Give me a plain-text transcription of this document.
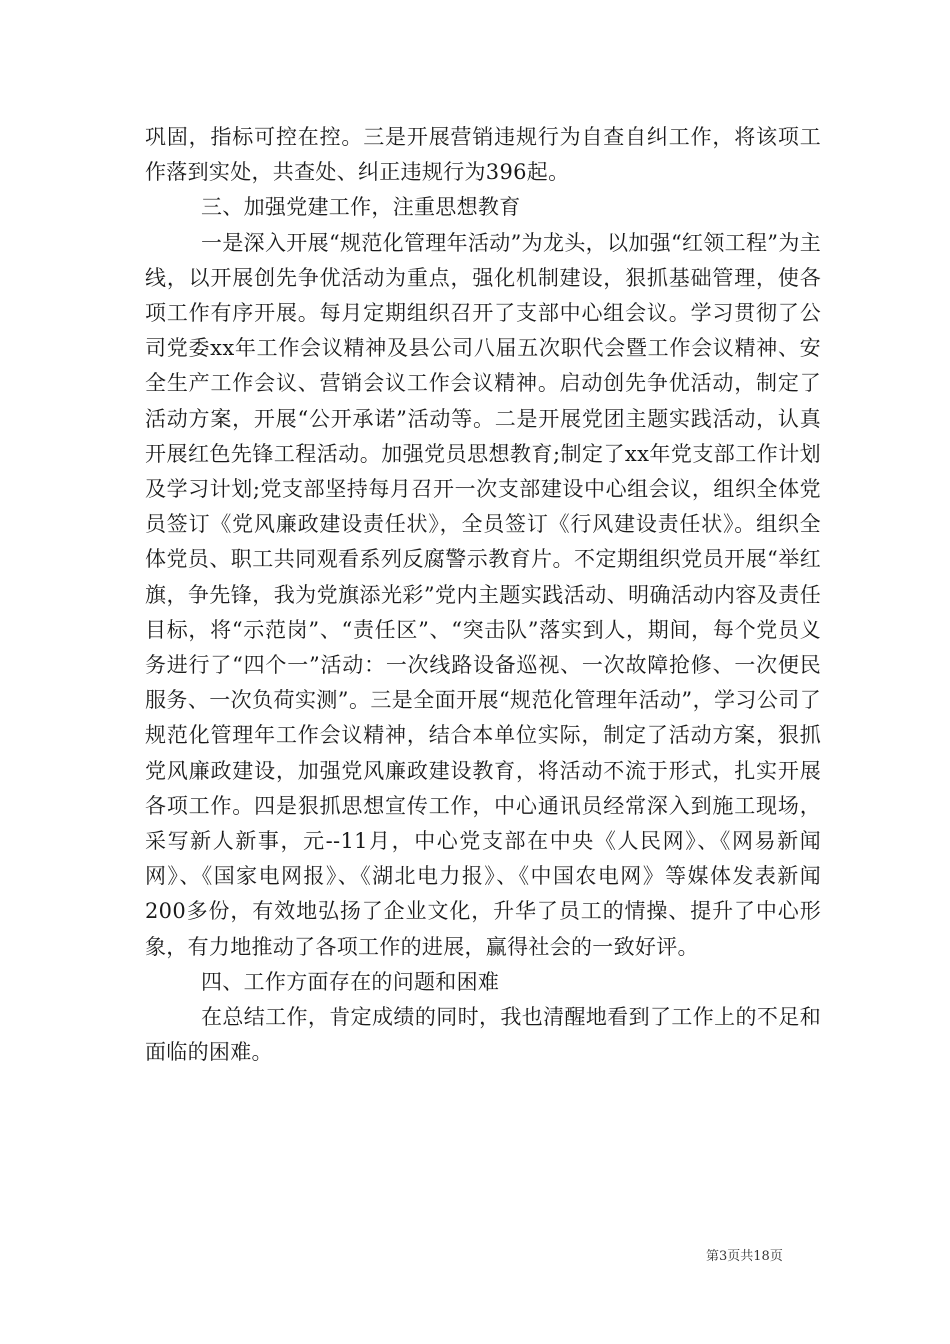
巩固，指标可控在控。三是开展营销违规行为自查自纠工作，将该项工作落到实处，共查处、纠正违规行为396起。

三、加强党建工作，注重思想教育

一是深入开展“规范化管理年活动”为龙头，以加强“红领工程”为主线，以开展创先争优活动为重点，强化机制建设，狠抓基础管理，使各项工作有序开展。每月定期组织召开了支部中心组会议。学习贯彻了公司党委xx年工作会议精神及县公司八届五次职代会暨工作会议精神、安全生产工作会议、营销会议工作会议精神。启动创先争优活动，制定了活动方案，开展“公开承诺”活动等。二是开展党团主题实践活动，认真开展红色先锋工程活动。加强党员思想教育;制定了xx年党支部工作计划及学习计划;党支部坚持每月召开一次支部建设中心组会议，组织全体党员签订《党风廉政建设责任状》，全员签订《行风建设责任状》。组织全体党员、职工共同观看系列反腐警示教育片。不定期组织党员开展“举红旗，争先锋，我为党旗添光彩”党内主题实践活动、明确活动内容及责任目标，将“示范岗”、“责任区”、“突击队”落实到人，期间，每个党员义务进行了“四个一”活动：一次线路设备巡视、一次故障抢修、一次便民服务、一次负荷实测”。三是全面开展“规范化管理年活动”，学习公司了规范化管理年工作会议精神，结合本单位实际，制定了活动方案，狠抓党风廉政建设，加强党风廉政建设教育，将活动不流于形式，扎实开展各项工作。四是狠抓思想宣传工作，中心通讯员经常深入到施工现场，采写新人新事，元--11月，中心党支部在中央《人民网》、《网易新闻网》、《国家电网报》、《湖北电力报》、《中国农电网》等媒体发表新闻200多份，有效地弘扬了企业文化，升华了员工的情操、提升了中心形象，有力地推动了各项工作的进展，赢得社会的一致好评。

四、工作方面存在的问题和困难

在总结工作，肯定成绩的同时，我也清醒地看到了工作上的不足和面临的困难。

第3页共18页
